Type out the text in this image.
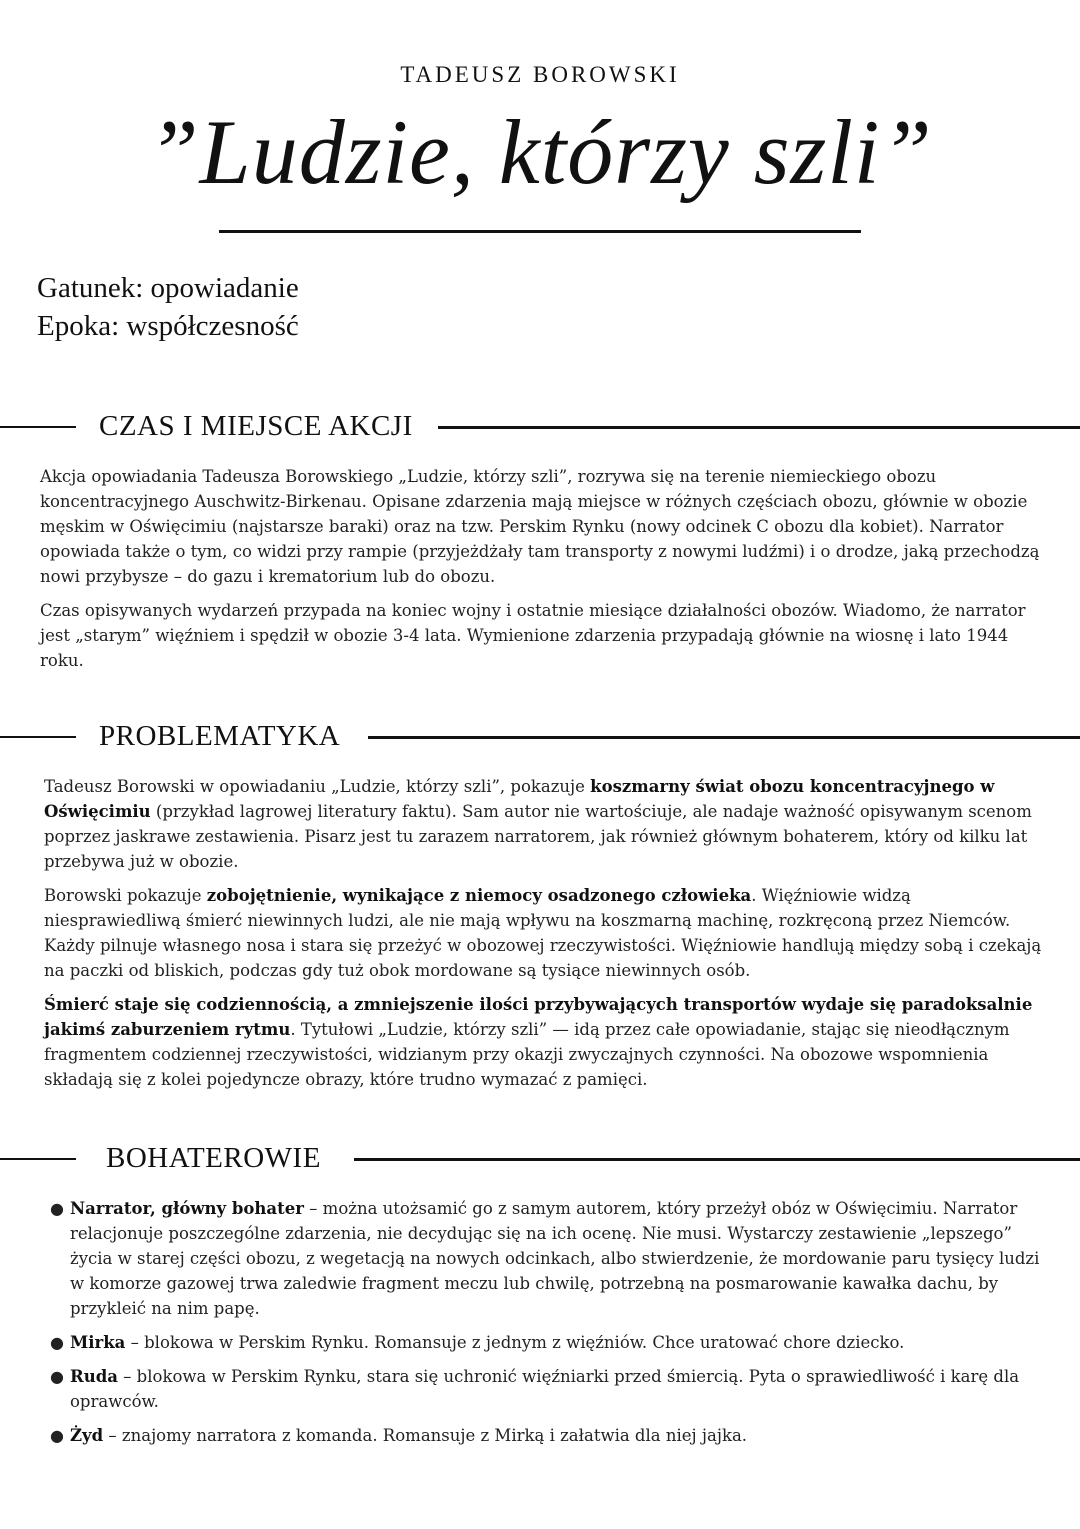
TADEUSZ BOROWSKI
”Ludzie, którzy szli”
Gatunek: opowiadanie
Epoka: współczesność
CZAS I MIEJSCE AKCJI

Akcja opowiadania Tadeusza Borowskiego „Ludzie, którzy szli”, rozrywa się na terenie niemieckiego obozu koncentracyjnego Auschwitz-Birkenau. Opisane zdarzenia mają miejsce w różnych częściach obozu, głównie w obozie męskim w Oświęcimiu (najstarsze baraki) oraz na tzw. Perskim Rynku (nowy odcinek C obozu dla kobiet). Narrator opowiada także o tym, co widzi przy rampie (przyjeżdżały tam transporty z nowymi ludźmi) i o drodze, jaką przechodzą nowi przybysze – do gazu i krematorium lub do obozu.

Czas opisywanych wydarzeń przypada na koniec wojny i ostatnie miesiące działalności obozów. Wiadomo, że narrator jest „starym” więźniem i spędził w obozie 3-4 lata. Wymienione zdarzenia przypadają głównie na wiosnę i lato 1944 roku.

PROBLEMATYKA

Tadeusz Borowski w opowiadaniu „Ludzie, którzy szli”, pokazuje koszmarny świat obozu koncentracyjnego w Oświęcimiu (przykład lagrowej literatury faktu). Sam autor nie wartościuje, ale nadaje ważność opisywanym scenom poprzez jaskrawe zestawienia. Pisarz jest tu zarazem narratorem, jak również głównym bohaterem, który od kilku lat przebywa już w obozie.

Borowski pokazuje zobojętnienie, wynikające z niemocy osadzonego człowieka. Więźniowie widzą niesprawiedliwą śmierć niewinnych ludzi, ale nie mają wpływu na koszmarną machinę, rozkręconą przez Niemców. Każdy pilnuje własnego nosa i stara się przeżyć w obozowej rzeczywistości. Więźniowie handlują między sobą i czekają na paczki od bliskich, podczas gdy tuż obok mordowane są tysiące niewinnych osób.

Śmierć staje się codziennością, a zmniejszenie ilości przybywających transportów wydaje się paradoksalnie jakimś zaburzeniem rytmu. Tytułowi „Ludzie, którzy szli” — idą przez całe opowiadanie, stając się nieodłącznym fragmentem codziennej rzeczywistości, widzianym przy okazji zwyczajnych czynności. Na obozowe wspomnienia składają się z kolei pojedyncze obrazy, które trudno wymazać z pamięci.

BOHATEROWIE
● Narrator, główny bohater – można utożsamić go z samym autorem, który przeżył obóz w Oświęcimiu. Narrator relacjonuje poszczególne zdarzenia, nie decydując się na ich ocenę. Nie musi. Wystarczy zestawienie „lepszego” życia w starej części obozu, z wegetacją na nowych odcinkach, albo stwierdzenie, że mordowanie paru tysięcy ludzi w komorze gazowej trwa zaledwie fragment meczu lub chwilę, potrzebną na posmarowanie kawałka dachu, by przykleić na nim papę.
● Mirka – blokowa w Perskim Rynku. Romansuje z jednym z więźniów. Chce uratować chore dziecko.
● Ruda – blokowa w Perskim Rynku, stara się uchronić więźniarki przed śmiercią. Pyta o sprawiedliwość i karę dla oprawców.
● Żyd – znajomy narratora z komanda. Romansuje z Mirką i załatwia dla niej jajka.
